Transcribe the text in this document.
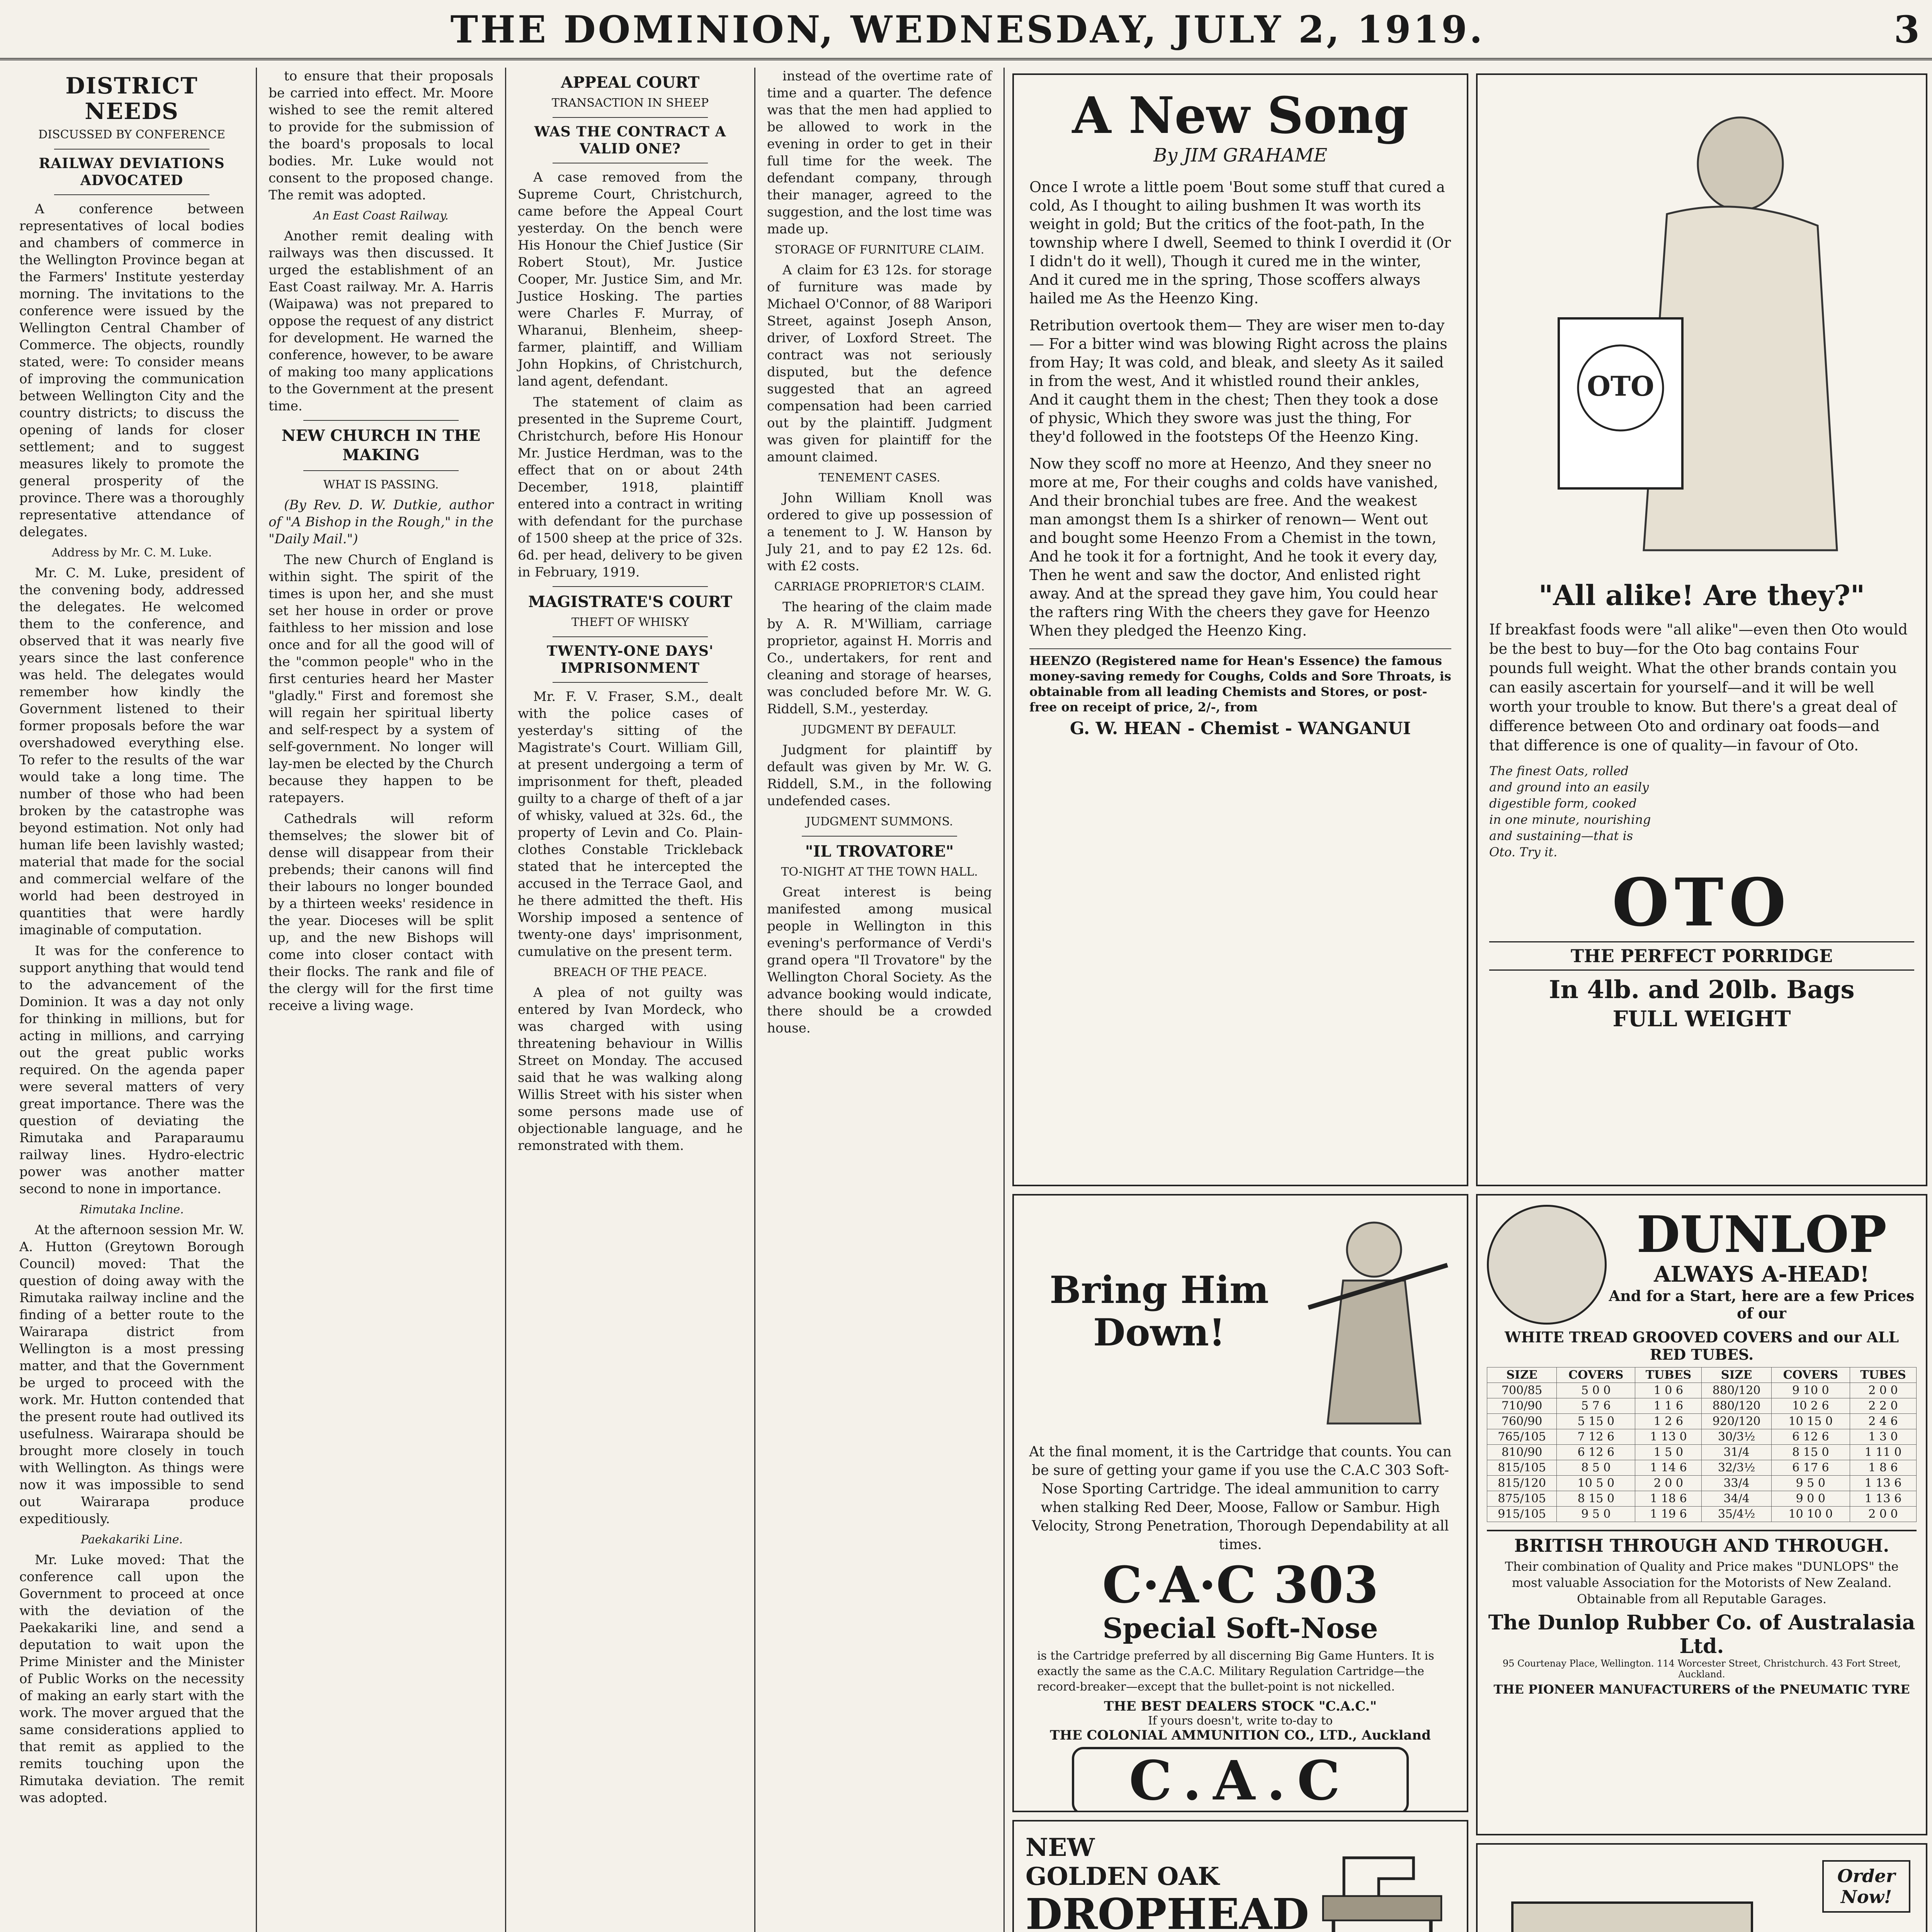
THE DOMINION, WEDNESDAY, JULY 2, 1919.	3
DISTRICT NEEDS
DISCUSSED BY CONFERENCE
RAILWAY DEVIATIONS ADVOCATED

A conference between representatives of local bodies and chambers of commerce in the Wellington Province began at the Farmers' Institute yesterday morning. The invitations to the conference were issued by the Wellington Central Chamber of Commerce. The objects, roundly stated, were: To consider means of improving the communication between Wellington City and the country districts; to discuss the opening of lands for closer settlement; and to suggest measures likely to promote the general prosperity of the province. There was a thoroughly representative attendance of delegates.

Address by Mr. C. M. Luke.

Mr. C. M. Luke, president of the convening body, addressed the delegates. He welcomed them to the conference, and observed that it was nearly five years since the last conference was held. The delegates would remember how kindly the Government listened to their former proposals before the war overshadowed everything else. To refer to the results of the war would take a long time. The number of those who had been broken by the catastrophe was beyond estimation. Not only had human life been lavishly wasted; material that made for the social and commercial welfare of the world had been destroyed in quantities that were hardly imaginable of computation.

It was for the conference to support anything that would tend to the advancement of the Dominion. It was a day not only for thinking in millions, but for acting in millions, and carrying out the great public works required. On the agenda paper were several matters of very great importance. There was the question of deviating the Rimutaka and Paraparaumu railway lines. Hydro-electric power was another matter second to none in importance.

Rimutaka Incline.

At the afternoon session Mr. W. A. Hutton (Greytown Borough Council) moved: That the question of doing away with the Rimutaka railway incline and the finding of a better route to the Wairarapa district from Wellington is a most pressing matter, and that the Government be urged to proceed with the work. Mr. Hutton contended that the present route had outlived its usefulness. Wairarapa should be brought more closely in touch with Wellington. As things were now it was impossible to send out Wairarapa produce expeditiously.

Paekakariki Line.

Mr. Luke moved: That the conference call upon the Government to proceed at once with the deviation of the Paekakariki line, and send a deputation to wait upon the Prime Minister and the Minister of Public Works on the necessity of making an early start with the work. The mover argued that the same considerations applied to that remit as applied to the remits touching upon the Rimutaka deviation. The remit was adopted.

to ensure that their proposals be carried into effect. Mr. Moore wished to see the remit altered to provide for the submission of the board's proposals to local bodies. Mr. Luke would not consent to the proposed change. The remit was adopted.

An East Coast Railway.

Another remit dealing with railways was then discussed. It urged the establishment of an East Coast railway. Mr. A. Harris (Waipawa) was not prepared to oppose the request of any district for development. He warned the conference, however, to be aware of making too many applications to the Government at the present time.

NEW CHURCH IN THE MAKING
WHAT IS PASSING.

(By Rev. D. W. Dutkie, author of "A Bishop in the Rough," in the "Daily Mail.")

The new Church of England is within sight. The spirit of the times is upon her, and she must set her house in order or prove faithless to her mission and lose once and for all the good will of the "common people" who in the first centuries heard her Master "gladly." First and foremost she will regain her spiritual liberty and self-respect by a system of self-government. No longer will lay-men be elected by the Church because they happen to be ratepayers.

Cathedrals will reform themselves; the slower bit of dense will disappear from their prebends; their canons will find their labours no longer bounded by a thirteen weeks' residence in the year. Dioceses will be split up, and the new Bishops will come into closer contact with their flocks. The rank and file of the clergy will for the first time receive a living wage.

APPEAL COURT
TRANSACTION IN SHEEP
WAS THE CONTRACT A VALID ONE?

A case removed from the Supreme Court, Christchurch, came before the Appeal Court yesterday. On the bench were His Honour the Chief Justice (Sir Robert Stout), Mr. Justice Cooper, Mr. Justice Sim, and Mr. Justice Hosking. The parties were Charles F. Murray, of Wharanui, Blenheim, sheep-farmer, plaintiff, and William John Hopkins, of Christchurch, land agent, defendant.

The statement of claim as presented in the Supreme Court, Christchurch, before His Honour Mr. Justice Herdman, was to the effect that on or about 24th December, 1918, plaintiff entered into a contract in writing with defendant for the purchase of 1500 sheep at the price of 32s. 6d. per head, delivery to be given in February, 1919.

MAGISTRATE'S COURT
THEFT OF WHISKY
TWENTY-ONE DAYS' IMPRISONMENT

Mr. F. V. Fraser, S.M., dealt with the police cases of yesterday's sitting of the Magistrate's Court. William Gill, at present undergoing a term of imprisonment for theft, pleaded guilty to a charge of theft of a jar of whisky, valued at 32s. 6d., the property of Levin and Co. Plain-clothes Constable Trickleback stated that he intercepted the accused in the Terrace Gaol, and he there admitted the theft. His Worship imposed a sentence of twenty-one days' imprisonment, cumulative on the present term.

BREACH OF THE PEACE.

A plea of not guilty was entered by Ivan Mordeck, who was charged with using threatening behaviour in Willis Street on Monday. The accused said that he was walking along Willis Street with his sister when some persons made use of objectionable language, and he remonstrated with them.

instead of the overtime rate of time and a quarter. The defence was that the men had applied to be allowed to work in the evening in order to get in their full time for the week. The defendant company, through their manager, agreed to the suggestion, and the lost time was made up.

STORAGE OF FURNITURE CLAIM.

A claim for £3 12s. for storage of furniture was made by Michael O'Connor, of 88 Waripori Street, against Joseph Anson, driver, of Loxford Street. The contract was not seriously disputed, but the defence suggested that an agreed compensation had been carried out by the plaintiff. Judgment was given for plaintiff for the amount claimed.

TENEMENT CASES.

John William Knoll was ordered to give up possession of a tenement to J. W. Hanson by July 21, and to pay £2 12s. 6d. with £2 costs.

CARRIAGE PROPRIETOR'S CLAIM.

The hearing of the claim made by A. R. M'William, carriage proprietor, against H. Morris and Co., undertakers, for rent and cleaning and storage of hearses, was concluded before Mr. W. G. Riddell, S.M., yesterday.

JUDGMENT BY DEFAULT.

Judgment for plaintiff by default was given by Mr. W. G. Riddell, S.M., in the following undefended cases.

JUDGMENT SUMMONS.
"IL TROVATORE"
TO-NIGHT AT THE TOWN HALL.

Great interest is being manifested among musical people in Wellington in this evening's performance of Verdi's grand opera "Il Trovatore" by the Wellington Choral Society. As the advance booking would indicate, there should be a crowded house.

A New Song
By JIM GRAHAME

Once I wrote a little poem 'Bout some stuff that cured a cold, As I thought to ailing bushmen It was worth its weight in gold; But the critics of the foot-path, In the township where I dwell, Seemed to think I overdid it (Or I didn't do it well), Though it cured me in the winter, And it cured me in the spring, Those scoffers always hailed me As the Heenzo King.

Retribution overtook them— They are wiser men to-day— For a bitter wind was blowing Right across the plains from Hay; It was cold, and bleak, and sleety As it sailed in from the west, And it whistled round their ankles, And it caught them in the chest; Then they took a dose of physic, Which they swore was just the thing, For they'd followed in the footsteps Of the Heenzo King.

Now they scoff no more at Heenzo, And they sneer no more at me, For their coughs and colds have vanished, And their bronchial tubes are free. And the weakest man amongst them Is a shirker of renown— Went out and bought some Heenzo From a Chemist in the town, And he took it for a fortnight, And he took it every day, Then he went and saw the doctor, And enlisted right away. And at the spread they gave him, You could hear the rafters ring With the cheers they gave for Heenzo When they pledged the Heenzo King.

HEENZO (Registered name for Hean's Essence) the famous money-saving remedy for Coughs, Colds and Sore Throats, is obtainable from all leading Chemists and Stores, or post-free on receipt of price, 2/-, from

G. W. HEAN - Chemist - WANGANUI
OTO
"All alike! Are they?"

If breakfast foods were "all alike"—even then Oto would be the best to buy—for the Oto bag contains Four pounds full weight. What the other brands contain you can easily ascertain for yourself—and it will be well worth your trouble to know. But there's a great deal of difference between Oto and ordinary oat foods—and that difference is one of quality—in favour of Oto.

The finest Oats, rolled and ground into an easily digestible form, cooked in one minute, nourishing and sustaining—that is Oto. Try it.

OTO
THE PERFECT PORRIDGE
In 4lb. and 20lb. Bags
FULL WEIGHT
DUNLOP
ALWAYS A-HEAD!
And for a Start, here are a few Prices of our
WHITE TREAD GROOVED COVERS and our ALL RED TUBES.
SIZE	COVERS	TUBES	SIZE	COVERS	TUBES
700/85	5 0 0	1 0 6	880/120	9 10 0	2 0 0
710/90	5 7 6	1 1 6	880/120	10 2 6	2 2 0
760/90	5 15 0	1 2 6	920/120	10 15 0	2 4 6
765/105	7 12 6	1 13 0	30/3½	6 12 6	1 3 0
810/90	6 12 6	1 5 0	31/4	8 15 0	1 11 0
815/105	8 5 0	1 14 6	32/3½	6 17 6	1 8 6
815/120	10 5 0	2 0 0	33/4	9 5 0	1 13 6
875/105	8 15 0	1 18 6	34/4	9 0 0	1 13 6
915/105	9 5 0	1 19 6	35/4½	10 10 0	2 0 0
BRITISH THROUGH AND THROUGH.

Their combination of Quality and Price makes "DUNLOPS" the most valuable Association for the Motorists of New Zealand. Obtainable from all Reputable Garages.

The Dunlop Rubber Co. of Australasia Ltd.
95 Courtenay Place, Wellington. 114 Worcester Street, Christchurch. 43 Fort Street, Auckland.
THE PIONEER MANUFACTURERS of the PNEUMATIC TYRE
Bring Him
Down!

At the final moment, it is the Cartridge that counts. You can be sure of getting your game if you use the C.A.C 303 Soft-Nose Sporting Cartridge. The ideal ammunition to carry when stalking Red Deer, Moose, Fallow or Sambur. High Velocity, Strong Penetration, Thorough Dependability at all times.

C·A·C 303
Special Soft-Nose

is the Cartridge preferred by all discerning Big Game Hunters. It is exactly the same as the C.A.C. Military Regulation Cartridge—the record-breaker—except that the bullet-point is not nickelled.

THE BEST DEALERS STOCK "C.A.C."
If yours doesn't, write to-day to
THE COLONIAL AMMUNITION CO., LTD., Auckland
C.A.C
NEW
GOLDEN OAK
DROPHEAD

Order Now!
